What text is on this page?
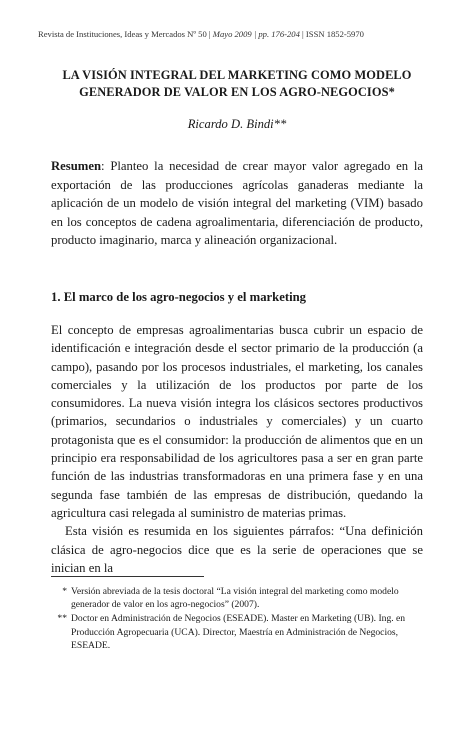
Revista de Instituciones, Ideas y Mercados Nº 50 | Mayo 2009 | pp. 176-204 | ISSN 1852-5970
LA VISIÓN INTEGRAL DEL MARKETING COMO MODELO
GENERADOR DE VALOR EN LOS AGRO-NEGOCIOS*
Ricardo D. Bindi**
Resumen: Planteo la necesidad de crear mayor valor agregado en la exportación de las producciones agrícolas ganaderas mediante la aplicación de un modelo de visión integral del marketing (VIM) basado en los conceptos de cadena agroalimentaria, diferenciación de producto, producto imaginario, marca y alineación organizacional.
1. El marco de los agro-negocios y el marketing

El concepto de empresas agroalimentarias busca cubrir un espacio de identificación e integración desde el sector primario de la producción (a campo), pasando por los procesos industriales, el marketing, los canales comerciales y la utilización de los productos por parte de los consumidores. La nueva visión integra los clásicos sectores productivos (primarios, secundarios o industriales y comerciales) y un cuarto protagonista que es el consumidor: la producción de alimentos que en un principio era responsabilidad de los agricultores pasa a ser en gran parte función de las industrias transformadoras en una primera fase y en una segunda fase también de las empresas de distribución, quedando la agricultura casi relegada al suministro de materias primas.

Esta visión es resumida en los siguientes párrafos: “Una definición clásica de agro-negocios dice que es la serie de operaciones que se inician en la

* Versión abreviada de la tesis doctoral “La visión integral del marketing como modelo generador de valor en los agro-negocios” (2007).
** Doctor en Administración de Negocios (ESEADE). Master en Marketing (UB). Ing. en Producción Agropecuaria (UCA). Director, Maestría en Administración de Negocios, ESEADE.
